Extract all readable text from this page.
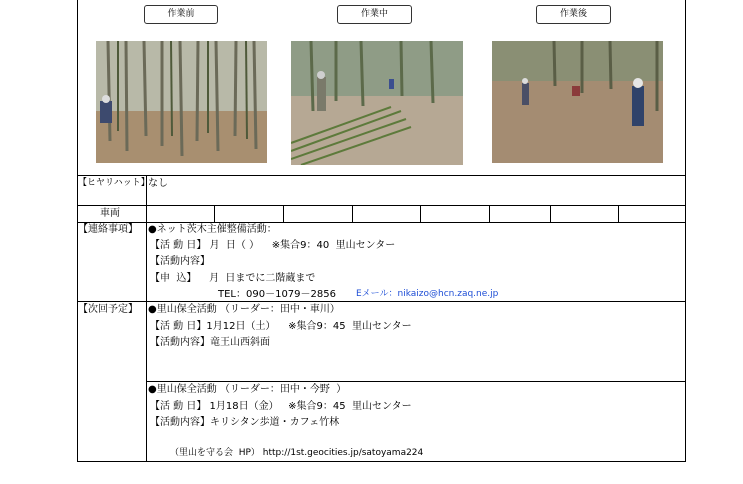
作業前	作業中	作業後
【ヒヤリハット】
なし
車両
【連絡事項】 ●ネット茨木主催整備活動：
【活 動 日】 月  日（ ）    ※集合9：40  里山センター
【活動内容】
【申  込】    月  日までに二階蔵まで
TEL：090－1079－2856 Eメール：nikaizo@hcn.zaq.ne.jp
【次回予定】 ●里山保全活動 （リーダー：田中・車川）
【活 動 日】1月12日（土）    ※集合9：45  里山センター
【活動内容】竜王山西斜面
●里山保全活動 （リーダー：田中・今野  ）
【活 動 日】 1月18日（金）   ※集合9：45  里山センター
【活動内容】キリシタン歩道・カフェ竹林
（里山を守る会  HP） http://1st.geocities.jp/satoyama224
